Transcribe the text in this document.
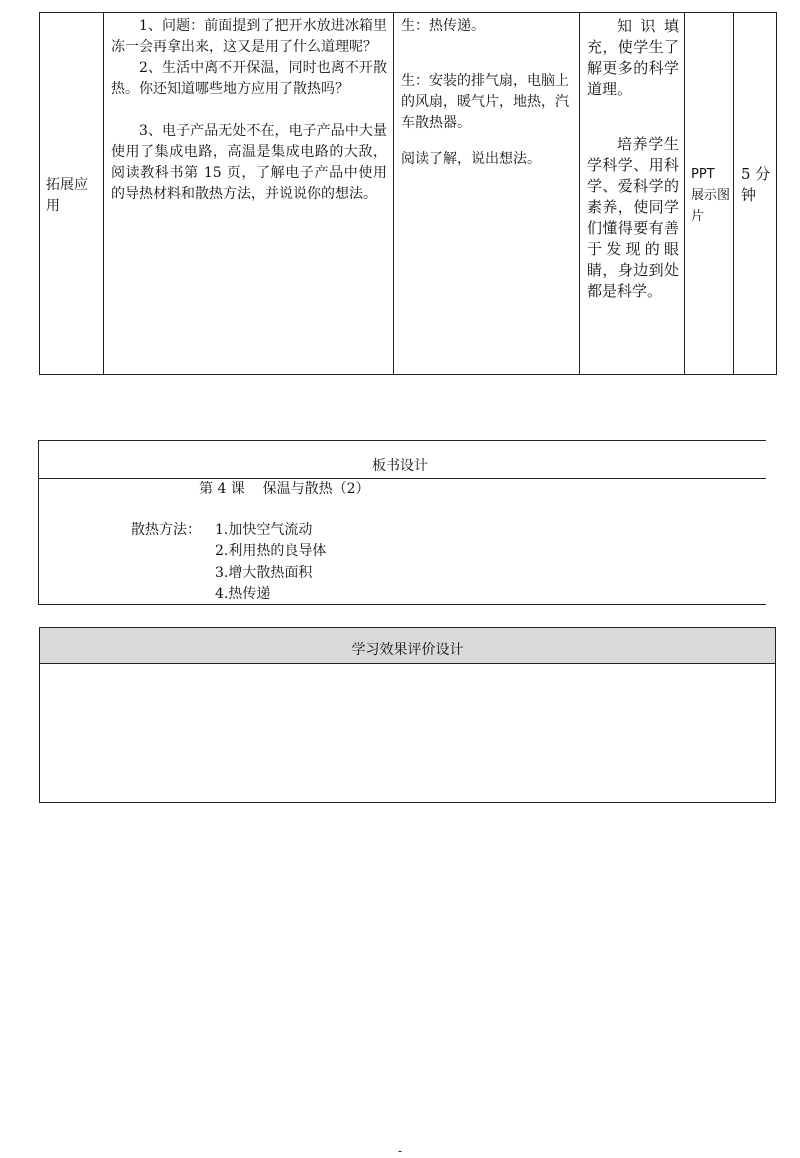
拓展应用

1、问题：前面提到了把开水放进冰箱里冻一会再拿出来，这又是用了什么道理呢？

2、生活中离不开保温，同时也离不开散热。你还知道哪些地方应用了散热吗？

3、电子产品无处不在，电子产品中大量使用了集成电路，高温是集成电路的大敌，阅读教科书第 15 页，了解电子产品中使用的导热材料和散热方法，并说说你的想法。

生：热传递。

生：安装的排气扇，电脑上的风扇，暖气片，地热，汽车散热器。

阅读了解，说出想法。

知识填充，使学生了解更多的科学道理。

培养学生学科学、用科学、爱科学的素养，使同学们懂得要有善于发现的眼睛，身边到处都是科学。

PPT 展示图片
5 分钟
板书设计
第 4 课    保温与散热（2）
散热方法： 1.加快空气流动
2.利用热的良导体
3.增大散热面积
4.热传递
学习效果评价设计
-
